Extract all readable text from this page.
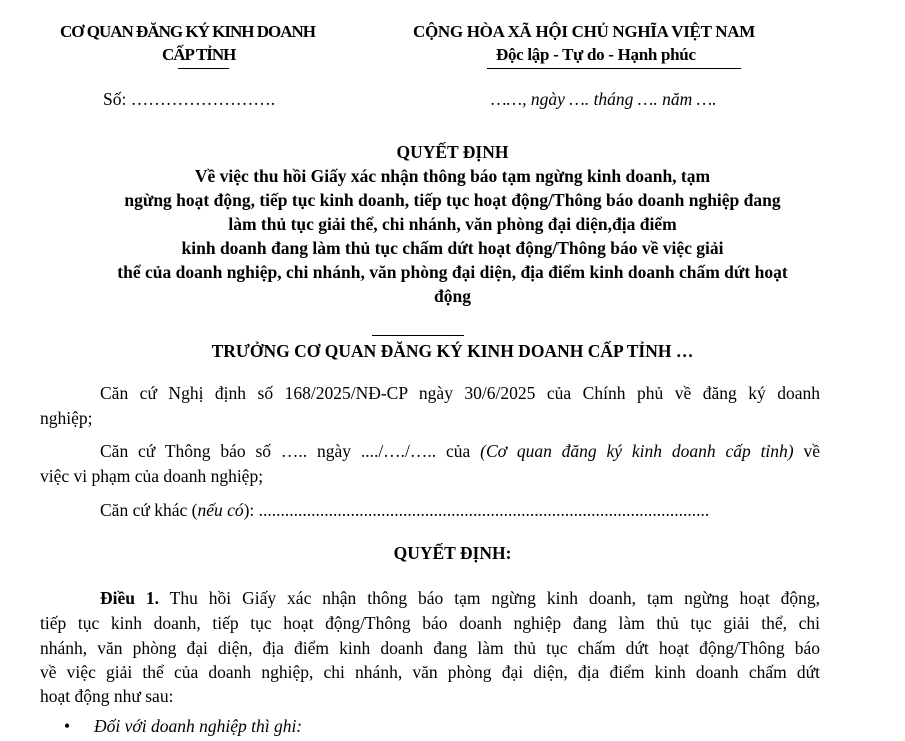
CƠ QUAN ĐĂNG KÝ KINH DOANH
CẤP TỈNH
Số: …………………….
CỘNG HÒA XÃ HỘI CHỦ NGHĨA VIỆT NAM
Độc lập - Tự do - Hạnh phúc
……, ngày …. tháng …. năm ….
QUYẾT ĐỊNH
Về việc thu hồi Giấy xác nhận thông báo tạm ngừng kinh doanh, tạm
ngừng hoạt động, tiếp tục kinh doanh, tiếp tục hoạt động/Thông báo doanh nghiệp đang
làm thủ tục giải thể, chi nhánh, văn phòng đại diện,địa điểm
kinh doanh đang làm thủ tục chấm dứt hoạt động/Thông báo về việc giải
thể của doanh nghiệp, chi nhánh, văn phòng đại diện, địa điểm kinh doanh chấm dứt hoạt
động
TRƯỞNG CƠ QUAN ĐĂNG KÝ KINH DOANH CẤP TỈNH …
Căn cứ Nghị định số 168/2025/NĐ-CP ngày 30/6/2025 của Chính phủ về đăng ký doanh
nghiệp;
Căn cứ Thông báo số ….. ngày ..../…./….. của (Cơ quan đăng ký kinh doanh cấp tỉnh) về
việc vi phạm của doanh nghiệp;
Căn cứ khác (nếu có): .......................................................................................................
QUYẾT ĐỊNH:
Điều 1. Thu hồi Giấy xác nhận thông báo tạm ngừng kinh doanh, tạm ngừng hoạt động,
tiếp tục kinh doanh, tiếp tục hoạt động/Thông báo doanh nghiệp đang làm thủ tục giải thể, chi
nhánh, văn phòng đại diện, địa điểm kinh doanh đang làm thủ tục chấm dứt hoạt động/Thông báo
về việc giải thể của doanh nghiệp, chi nhánh, văn phòng đại diện, địa điểm kinh doanh chấm dứt
hoạt động như sau:
• Đối với doanh nghiệp thì ghi:
